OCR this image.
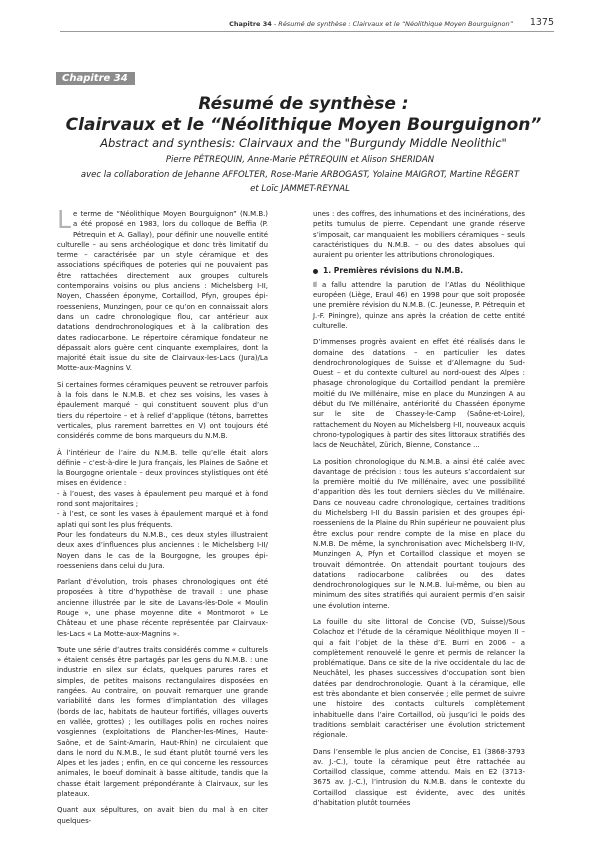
Chapitre 34 - Résumé de synthèse : Clairvaux et le “Néolithique Moyen Bourguignon” 1375
Chapitre 34
Résumé de synthèse :
Clairvaux et le “Néolithique Moyen Bourguignon”
Abstract and synthesis: Clairvaux and the "Burgundy Middle Neolithic"
Pierre PÉTREQUIN, Anne-Marie PÉTREQUIN et Alison SHERIDAN
avec la collaboration de Jehanne AFFOLTER, Rose-Marie ARBOGAST, Yolaine MAIGROT, Martine RÉGERT
et Loïc JAMMET-REYNAL

Le terme de “Néolithique Moyen Bourguignon” (N.M.B.) a été proposé en 1983, lors du colloque de Beffia (P. Pétrequin et A. Gallay), pour définir une nouvelle entité culturelle – au sens archéologique et donc très limitatif du terme – caractérisée par un style céramique et des associations spécifiques de poteries qui ne pouvaient pas être rattachées directement aux groupes culturels contemporains voisins ou plus anciens : Michelsberg I-II, Noyen, Chasséen éponyme, Cortaillod, Pfyn, groupes épi-roesseniens, Munzingen, pour ce qu’on en connaissait alors dans un cadre chronologique flou, car antérieur aux datations dendrochronologiques et à la calibration des dates radiocarbone. Le répertoire céramique fondateur ne dépassait alors guère cent cinquante exemplaires, dont la majorité était issue du site de Clairvaux-les-Lacs (Jura)/La Motte-aux-Magnins V.

Si certaines formes céramiques peuvent se retrouver parfois à la fois dans le N.M.B. et chez ses voisins, les vases à épaulement marqué – qui constituent souvent plus d’un tiers du répertoire – et à relief d’applique (tétons, barrettes verticales, plus rarement barrettes en V) ont toujours été considérés comme de bons marqueurs du N.M.B.

À l’intérieur de l’aire du N.M.B. telle qu’elle était alors définie – c’est-à-dire le Jura français, les Plaines de Saône et la Bourgogne orientale – deux provinces stylistiques ont été mises en évidence :

- à l’ouest, des vases à épaulement peu marqué et à fond rond sont majoritaires ;

- à l’est, ce sont les vases à épaulement marqué et à fond aplati qui sont les plus fréquents.

Pour les fondateurs du N.M.B., ces deux styles illustraient deux axes d’influences plus anciennes : le Michelsberg I-II/ Noyen dans le cas de la Bourgogne, les groupes épi-roesseniens dans celui du Jura.

Parlant d’évolution, trois phases chronologiques ont été proposées à titre d’hypothèse de travail : une phase ancienne illustrée par le site de Lavans-lès-Dole « Moulin Rouge », une phase moyenne dite « Montmorot » Le Château et une phase récente représentée par Clairvaux-les-Lacs « La Motte-aux-Magnins ».

Toute une série d’autres traits considérés comme « culturels » étaient censés être partagés par les gens du N.M.B. : une industrie en silex sur éclats, quelques parures rares et simples, de petites maisons rectangulaires disposées en rangées. Au contraire, on pouvait remarquer une grande variabilité dans les formes d’implantation des villages (bords de lac, habitats de hauteur fortifiés, villages ouverts en vallée, grottes) ; les outillages polis en roches noires vosgiennes (exploitations de Plancher-les-Mines, Haute-Saône, et de Saint-Amarin, Haut-Rhin) ne circulaient que dans le nord du N.M.B., le sud étant plutôt tourné vers les Alpes et les jades ; enfin, en ce qui concerne les ressources animales, le boeuf dominait à basse altitude, tandis que la chasse était largement prépondérante à Clairvaux, sur les plateaux.

Quant aux sépultures, on avait bien du mal à en citer quelques-

unes : des coffres, des inhumations et des incinérations, des petits tumulus de pierre. Cependant une grande réserve s’imposait, car manquaient les mobiliers céramiques – seuls caractéristiques du N.M.B. – ou des dates absolues qui auraient pu orienter les attributions chronologiques.

1. Premières révisions du N.M.B.

Il a fallu attendre la parution de l’Atlas du Néolithique européen (Liège, Eraul 46) en 1998 pour que soit proposée une première révision du N.M.B. (C. Jeunesse, P. Pétrequin et J.-F. Piningre), quinze ans après la création de cette entité culturelle.

D’immenses progrès avaient en effet été réalisés dans le domaine des datations – en particulier les dates dendrochronologiques de Suisse et d’Allemagne du Sud-Ouest – et du contexte culturel au nord-ouest des Alpes : phasage chronologique du Cortaillod pendant la première moitié du IVe millénaire, mise en place du Munzingen A au début du IVe millénaire, antériorité du Chasséen éponyme sur le site de Chassey-le-Camp (Saône-et-Loire), rattachement du Noyen au Michelsberg I-II, nouveaux acquis chrono-typologiques à partir des sites littoraux stratifiés des lacs de Neuchâtel, Zürich, Bienne, Constance ...

La position chronologique du N.M.B. a ainsi été calée avec davantage de précision : tous les auteurs s’accordaient sur la première moitié du IVe millénaire, avec une possibilité d’apparition dès les tout derniers siècles du Ve millénaire. Dans ce nouveau cadre chronologique, certaines traditions du Michelsberg I-II du Bassin parisien et des groupes épi-roesseniens de la Plaine du Rhin supérieur ne pouvaient plus être exclus pour rendre compte de la mise en place du N.M.B. De même, la synchronisation avec Michelsberg II-IV, Munzingen A, Pfyn et Cortaillod classique et moyen se trouvait démontrée. On attendait pourtant toujours des datations radiocarbone calibrées ou des dates dendrochronologiques sur le N.M.B. lui-même, ou bien au minimum des sites stratifiés qui auraient permis d’en saisir une évolution interne.

La fouille du site littoral de Concise (VD, Suisse)/Sous Colachoz et l’étude de la céramique Néolithique moyen II – qui a fait l’objet de la thèse d’E. Burri en 2006 – a complètement renouvelé le genre et permis de relancer la problématique. Dans ce site de la rive occidentale du lac de Neuchâtel, les phases successives d’occupation sont bien datées par dendrochronologie. Quant à la céramique, elle est très abondante et bien conservée ; elle permet de suivre une histoire des contacts culturels complètement inhabituelle dans l’aire Cortaillod, où jusqu’ici le poids des traditions semblait caractériser une évolution strictement régionale.

Dans l’ensemble le plus ancien de Concise, E1 (3868-3793 av. J.-C.), toute la céramique peut être rattachée au Cortaillod classique, comme attendu. Mais en E2 (3713-3675 av. J.-C.), l’intrusion du N.M.B. dans le contexte du Cortaillod classique est évidente, avec des unités d’habitation plutôt tournées
